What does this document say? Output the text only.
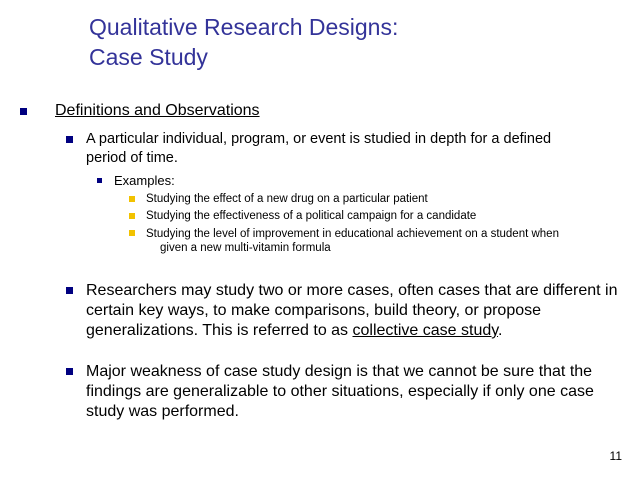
Qualitative Research Designs:
Case Study
Definitions and Observations
A particular individual, program, or event is studied in depth for a defined
period of time.
Examples:
Studying the effect of a new drug on a particular patient
Studying the effectiveness of a political campaign for a candidate
Studying the level of improvement in educational achievement on a student when
given a new multi-vitamin formula
Researchers may study two or more cases, often cases that are different in
certain key ways, to make comparisons, build theory, or propose
generalizations. This is referred to as collective case study.
Major weakness of case study design is that we cannot be sure that the
findings are generalizable to other situations, especially if only one case
study was performed.
11
